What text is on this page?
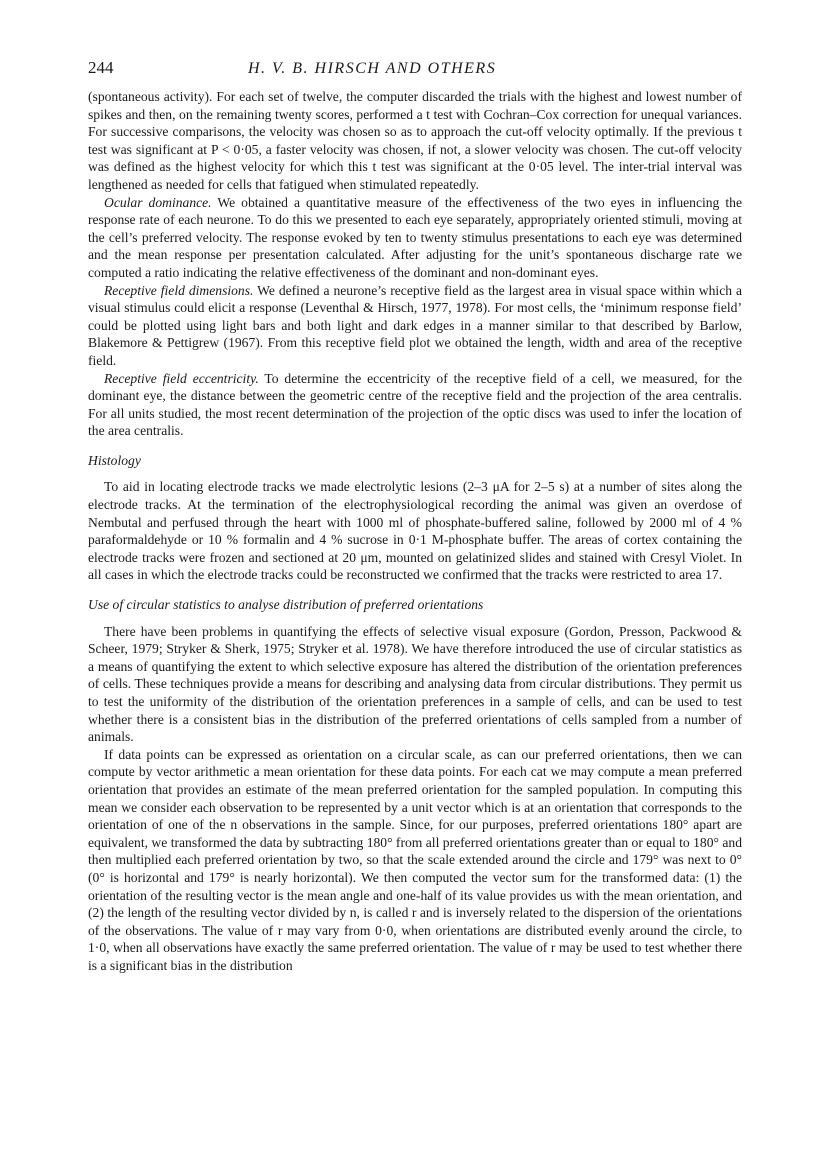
244	H. V. B. HIRSCH AND OTHERS

(spontaneous activity). For each set of twelve, the computer discarded the trials with the highest and lowest number of spikes and then, on the remaining twenty scores, performed a t test with Cochran–Cox correction for unequal variances. For successive comparisons, the velocity was chosen so as to approach the cut-off velocity optimally. If the previous t test was significant at P < 0·05, a faster velocity was chosen, if not, a slower velocity was chosen. The cut-off velocity was defined as the highest velocity for which this t test was significant at the 0·05 level. The inter-trial interval was lengthened as needed for cells that fatigued when stimulated repeatedly.

Ocular dominance. We obtained a quantitative measure of the effectiveness of the two eyes in influencing the response rate of each neurone. To do this we presented to each eye separately, appropriately oriented stimuli, moving at the cell’s preferred velocity. The response evoked by ten to twenty stimulus presentations to each eye was determined and the mean response per presentation calculated. After adjusting for the unit’s spontaneous discharge rate we computed a ratio indicating the relative effectiveness of the dominant and non-dominant eyes.

Receptive field dimensions. We defined a neurone’s receptive field as the largest area in visual space within which a visual stimulus could elicit a response (Leventhal & Hirsch, 1977, 1978). For most cells, the ‘minimum response field’ could be plotted using light bars and both light and dark edges in a manner similar to that described by Barlow, Blakemore & Pettigrew (1967). From this receptive field plot we obtained the length, width and area of the receptive field.

Receptive field eccentricity. To determine the eccentricity of the receptive field of a cell, we measured, for the dominant eye, the distance between the geometric centre of the receptive field and the projection of the area centralis. For all units studied, the most recent determination of the projection of the optic discs was used to infer the location of the area centralis.

Histology

To aid in locating electrode tracks we made electrolytic lesions (2–3 μA for 2–5 s) at a number of sites along the electrode tracks. At the termination of the electrophysiological recording the animal was given an overdose of Nembutal and perfused through the heart with 1000 ml of phosphate-buffered saline, followed by 2000 ml of 4 % paraformaldehyde or 10 % formalin and 4 % sucrose in 0·1 M-phosphate buffer. The areas of cortex containing the electrode tracks were frozen and sectioned at 20 μm, mounted on gelatinized slides and stained with Cresyl Violet. In all cases in which the electrode tracks could be reconstructed we confirmed that the tracks were restricted to area 17.

Use of circular statistics to analyse distribution of preferred orientations

There have been problems in quantifying the effects of selective visual exposure (Gordon, Presson, Packwood & Scheer, 1979; Stryker & Sherk, 1975; Stryker et al. 1978). We have therefore introduced the use of circular statistics as a means of quantifying the extent to which selective exposure has altered the distribution of the orientation preferences of cells. These techniques provide a means for describing and analysing data from circular distributions. They permit us to test the uniformity of the distribution of the orientation preferences in a sample of cells, and can be used to test whether there is a consistent bias in the distribution of the preferred orientations of cells sampled from a number of animals.

If data points can be expressed as orientation on a circular scale, as can our preferred orientations, then we can compute by vector arithmetic a mean orientation for these data points. For each cat we may compute a mean preferred orientation that provides an estimate of the mean preferred orientation for the sampled population. In computing this mean we consider each observation to be represented by a unit vector which is at an orientation that corresponds to the orientation of one of the n observations in the sample. Since, for our purposes, preferred orientations 180° apart are equivalent, we transformed the data by subtracting 180° from all preferred orientations greater than or equal to 180° and then multiplied each preferred orientation by two, so that the scale extended around the circle and 179° was next to 0° (0° is horizontal and 179° is nearly horizontal). We then computed the vector sum for the transformed data: (1) the orientation of the resulting vector is the mean angle and one-half of its value provides us with the mean orientation, and (2) the length of the resulting vector divided by n, is called r and is inversely related to the dispersion of the orientations of the observations. The value of r may vary from 0·0, when orientations are distributed evenly around the circle, to 1·0, when all observations have exactly the same preferred orientation. The value of r may be used to test whether there is a significant bias in the distribution
